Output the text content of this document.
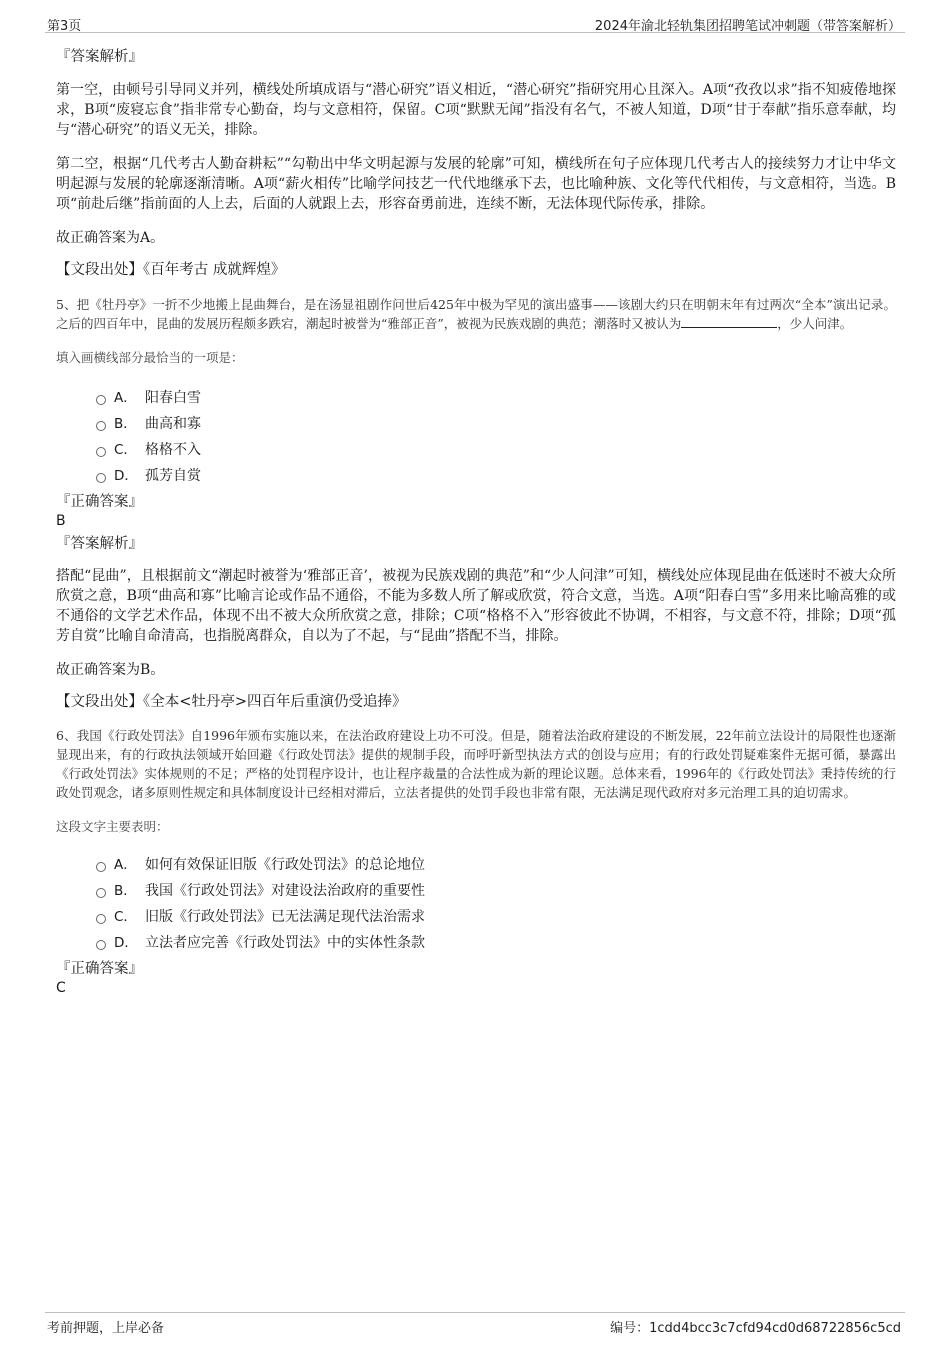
第3页	2024年渝北轻轨集团招聘笔试冲刺题（带答案解析）

『答案解析』

第一空，由顿号引导同义并列，横线处所填成语与“潜心研究”语义相近，“潜心研究”指研究用心且深入。A项“孜孜以求”指不知疲倦地探求，B项“废寝忘食”指非常专心勤奋，均与文意相符，保留。C项“默默无闻”指没有名气，不被人知道，D项“甘于奉献”指乐意奉献，均与“潜心研究”的语义无关，排除。

第二空，根据“几代考古人勤奋耕耘”“勾勒出中华文明起源与发展的轮廓”可知，横线所在句子应体现几代考古人的接续努力才让中华文明起源与发展的轮廓逐渐清晰。A项“薪火相传”比喻学问技艺一代代地继承下去，也比喻种族、文化等代代相传，与文意相符，当选。B项“前赴后继”指前面的人上去，后面的人就跟上去，形容奋勇前进，连续不断，无法体现代际传承，排除。

故正确答案为A。

【文段出处】《百年考古 成就辉煌》

5、把《牡丹亭》一折不少地搬上昆曲舞台，是在汤显祖剧作问世后425年中极为罕见的演出盛事——该剧大约只在明朝末年有过两次“全本”演出记录。之后的四百年中，昆曲的发展历程颇多跌宕，潮起时被誉为“雅部正音”，被视为民族戏剧的典范；潮落时又被认为	，少人问津。

填入画横线部分最恰当的一项是：

A． 阳春白雪
B． 曲高和寡
C． 格格不入
D． 孤芳自赏

『正确答案』

B

『答案解析』

搭配“昆曲”，且根据前文“潮起时被誉为‘雅部正音’，被视为民族戏剧的典范”和“少人问津”可知，横线处应体现昆曲在低迷时不被大众所欣赏之意，B项“曲高和寡”比喻言论或作品不通俗，不能为多数人所了解或欣赏，符合文意，当选。A项“阳春白雪”多用来比喻高雅的或不通俗的文学艺术作品，体现不出不被大众所欣赏之意，排除；C项“格格不入”形容彼此不协调，不相容，与文意不符，排除；D项“孤芳自赏”比喻自命清高，也指脱离群众，自以为了不起，与“昆曲”搭配不当，排除。

故正确答案为B。

【文段出处】《全本<牡丹亭>四百年后重演仍受追捧》

6、我国《行政处罚法》自1996年颁布实施以来，在法治政府建设上功不可没。但是，随着法治政府建设的不断发展，22年前立法设计的局限性也逐渐显现出来，有的行政执法领域开始回避《行政处罚法》提供的规制手段，而呼吁新型执法方式的创设与应用；有的行政处罚疑难案件无据可循，暴露出《行政处罚法》实体规则的不足；严格的处罚程序设计，也让程序裁量的合法性成为新的理论议题。总体来看，1996年的《行政处罚法》秉持传统的行政处罚观念，诸多原则性规定和具体制度设计已经相对滞后，立法者提供的处罚手段也非常有限，无法满足现代政府对多元治理工具的迫切需求。

这段文字主要表明：

A． 如何有效保证旧版《行政处罚法》的总论地位
B． 我国《行政处罚法》对建设法治政府的重要性
C． 旧版《行政处罚法》已无法满足现代法治需求
D． 立法者应完善《行政处罚法》中的实体性条款

『正确答案』

C

考前押题，上岸必备	编号：1cdd4bcc3c7cfd94cd0d68722856c5cd
